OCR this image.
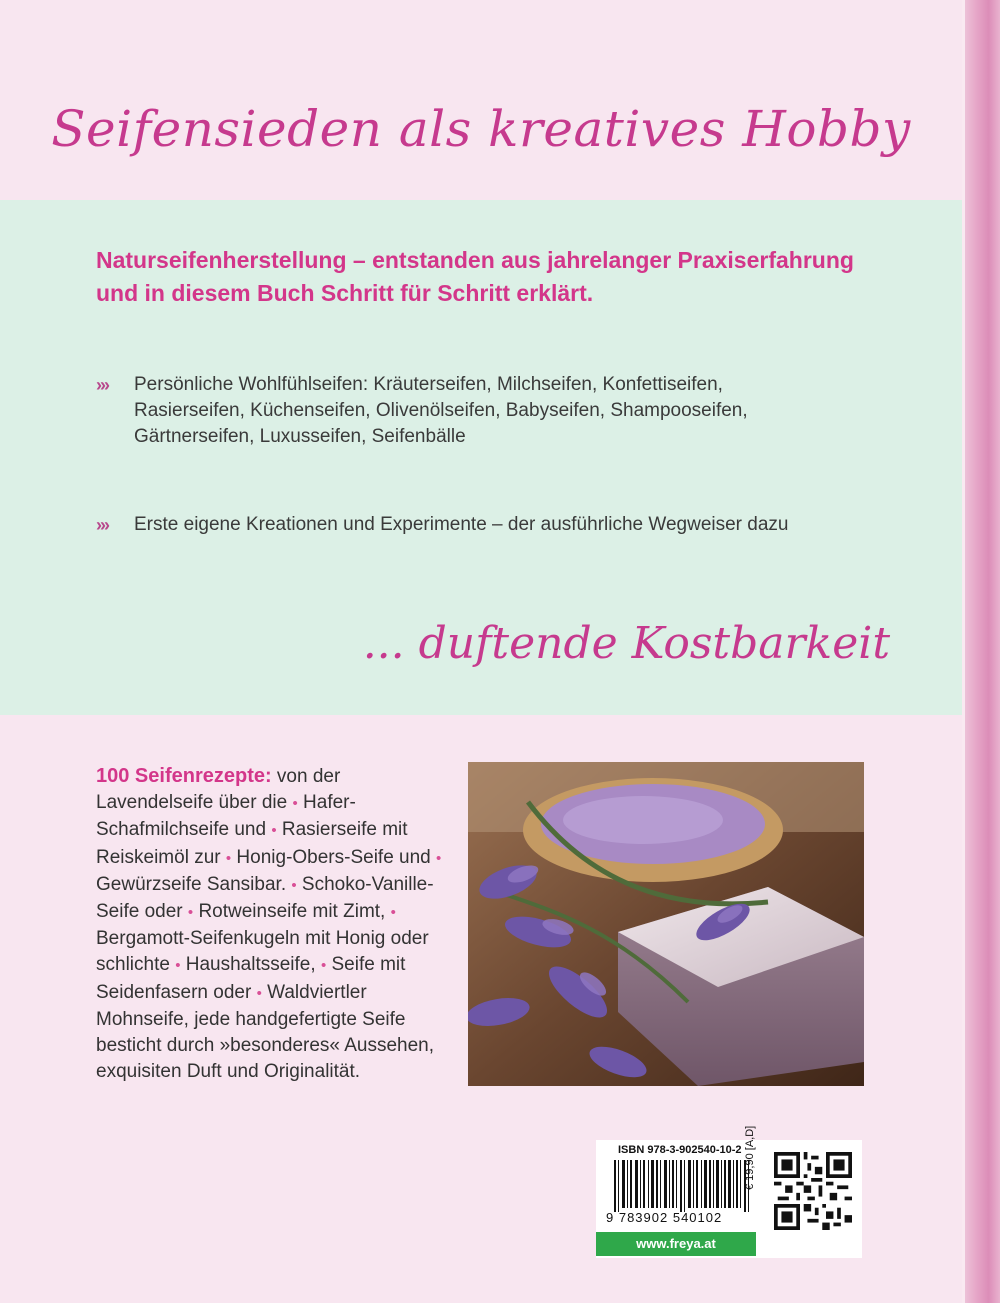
Seifensieden als kreatives Hobby
Naturseifenherstellung – entstanden aus jahrelanger Praxiserfahrung und in diesem Buch Schritt für Schritt erklärt.
›››	Persönliche Wohlfühlseifen: Kräuterseifen, Milchseifen, Konfettiseifen, Rasierseifen, Küchenseifen, Olivenölseifen, Babyseifen, Shampooseifen, Gärtnerseifen, Luxusseifen, Seifenbälle
›››	Erste eigene Kreationen und Experimente – der ausführliche Wegweiser dazu
... duftende Kostbarkeit
100 Seifenrezepte: von der Lavendelseife über die • Hafer-Schafmilchseife und • Rasierseife mit Reiskeimöl zur • Honig-Obers-Seife und • Gewürzseife Sansibar. • Schoko-Vanille-Seife oder • Rotweinseife mit Zimt, • Bergamott-Seifenkugeln mit Honig oder schlichte • Haushaltsseife, • Seife mit Seidenfasern oder • Waldviertler Mohnseife, jede handgefertigte Seife besticht durch »besonderes« Aussehen, exquisiten Duft und Originalität.
ISBN 978-3-902540-10-2
9 783902 540102
€ 19,90 [A,D]
www.freya.at
